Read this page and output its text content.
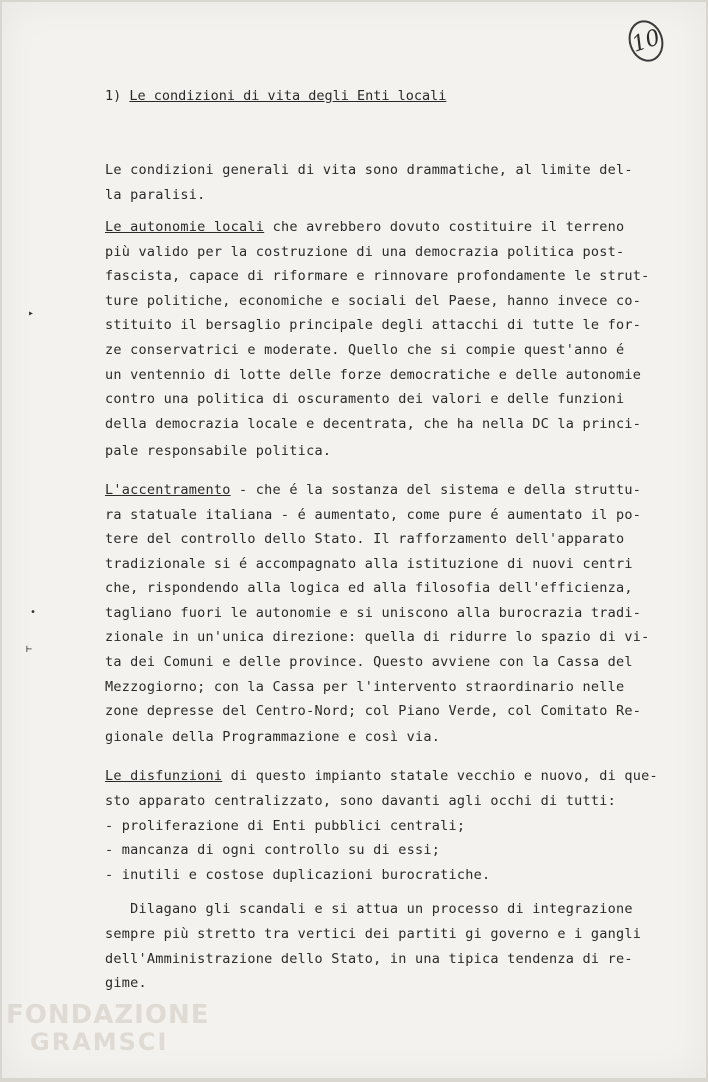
10
1) Le condizioni di vita degli Enti locali
Le condizioni generali di vita sono drammatiche, al limite del-
la paralisi.
Le autonomie locali che avrebbero dovuto costituire il terreno
più valido per la costruzione di una democrazia politica post-
fascista, capace di riformare e rinnovare profondamente le strut-
ture politiche, economiche e sociali del Paese, hanno invece co-
stituito il bersaglio principale degli attacchi di tutte le for-
ze conservatrici e moderate. Quello che si compie quest'anno é
un ventennio di lotte delle forze democratiche e delle autonomie
contro una politica di oscuramento dei valori e delle funzioni
della democrazia locale e decentrata, che ha nella DC la princi-
pale responsabile politica.
L'accentramento - che é la sostanza del sistema e della struttu-
ra statuale italiana - é aumentato, come pure é aumentato il po-
tere del controllo dello Stato. Il rafforzamento dell'apparato
tradizionale si é accompagnato alla istituzione di nuovi centri
che, rispondendo alla logica ed alla filosofia dell'efficienza,
tagliano fuori le autonomie e si uniscono alla burocrazia tradi-
zionale in un'unica direzione: quella di ridurre lo spazio di vi-
ta dei Comuni e delle province. Questo avviene con la Cassa del
Mezzogiorno; con la Cassa per l'intervento straordinario nelle
zone depresse del Centro-Nord; col Piano Verde, col Comitato Re-
gionale della Programmazione e così via.
Le disfunzioni di questo impianto statale vecchio e nuovo, di que-
sto apparato centralizzato, sono davanti agli occhi di tutti:
- proliferazione di Enti pubblici centrali;
- mancanza di ogni controllo su di essi;
- inutili e costose duplicazioni burocratiche.
Dilagano gli scandali e si attua un processo di integrazione
sempre più stretto tra vertici dei partiti gi governo e i gangli
dell'Amministrazione dello Stato, in una tipica tendenza di re-
gime.
▸
•
⊢
FONDAZIONE
GRAMSCI
